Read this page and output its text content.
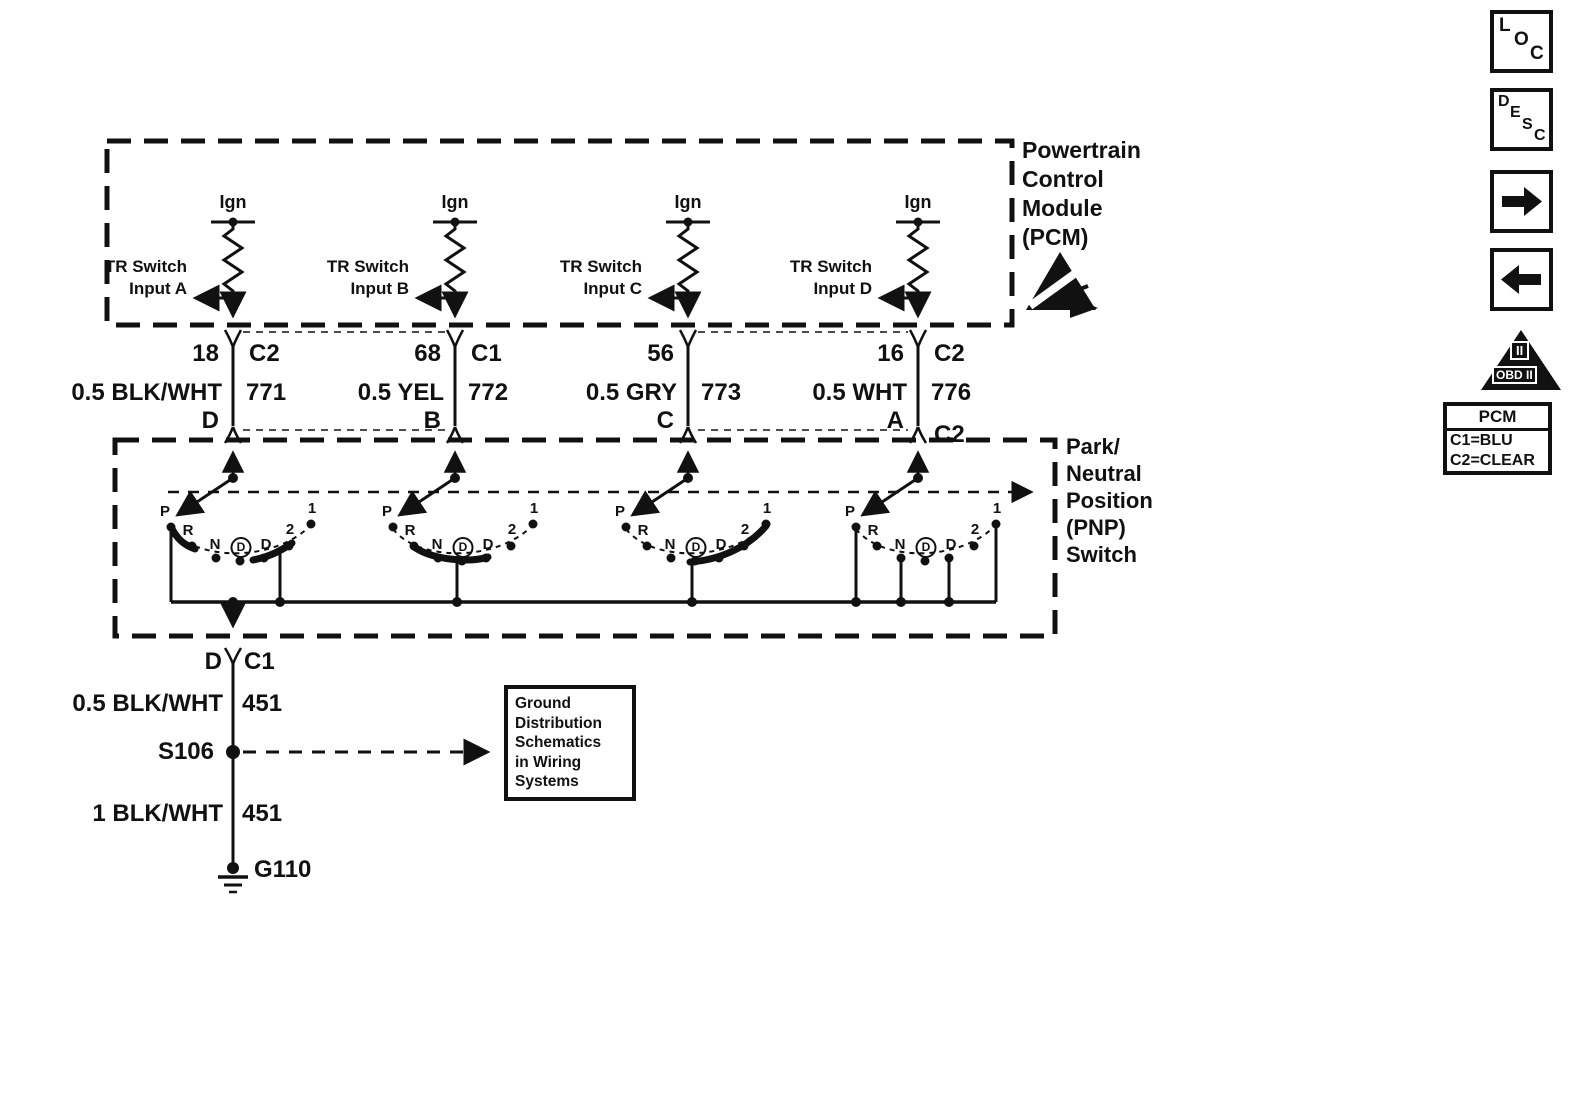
Ign
TR Switch
Input A
18 C2
0.5 BLK/WHT 771
D
Ign
TR Switch
Input B
68 C1
0.5 YEL 772
B
Ign
TR Switch
Input C
56
0.5 GRY 773
C
Ign
TR Switch
Input D
16 C2
0.5 WHT 776
A
C2
P
R
N	D	D
2
1	P
R
N	D	D
2
1	P
R
N	D	D
2
1	P
R
N	D	D
2
1
Powertrain
Control
Module
(PCM)
Park/
Neutral
Position
(PNP)
Switch
D C1
0.5 BLK/WHT 451
S106
1 BLK/WHT 451
G110
Ground
Distribution
Schematics
in Wiring
Systems
L
O
C
D
E
S
C
II
OBD II
PCM
C1=BLU
C2=CLEAR
